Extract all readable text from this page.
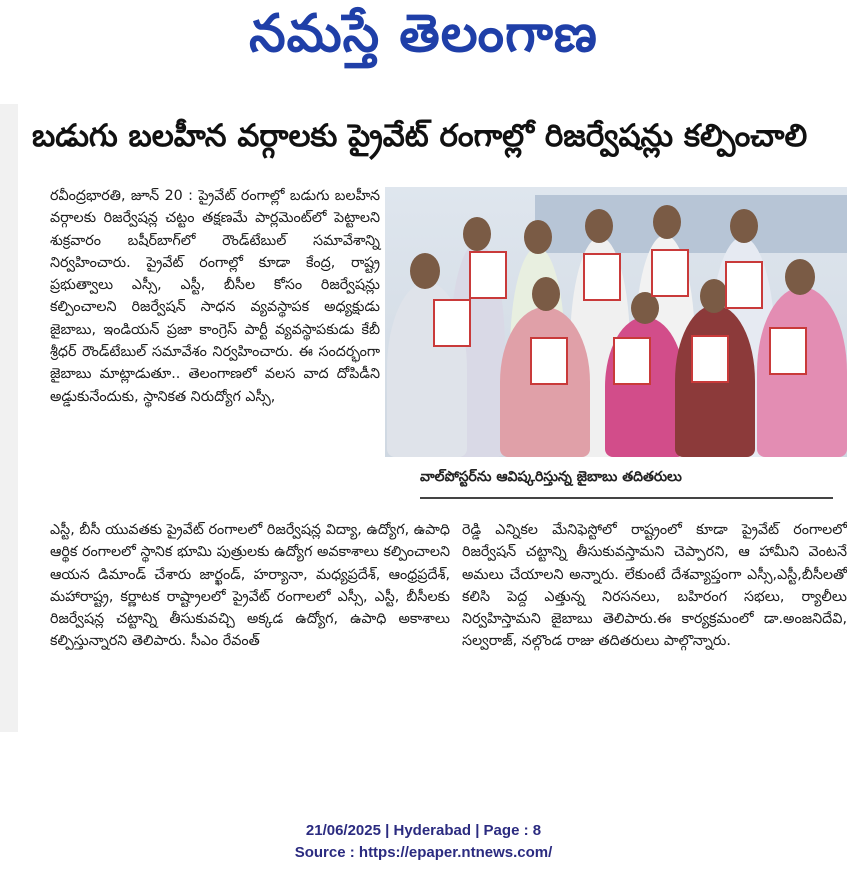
నమస్తే తెలంగాణ
బడుగు బలహీన వర్గాలకు ప్రైవేట్ రంగాల్లో రిజర్వేషన్లు కల్పించాలి

రవీంద్రభారతి, జూన్ 20 : ప్రైవేట్ రంగాల్లో బడుగు బలహీన వర్గాలకు రిజర్వేషన్ల చట్టం తక్షణమే పార్లమెంట్‌లో పెట్టాలని శుక్రవారం బషీర్‌బాగ్‌లో రౌండ్‌టేబుల్ సమావేశాన్ని నిర్వహించారు. ప్రైవేట్ రంగాల్లో కూడా కేంద్ర, రాష్ట్ర ప్రభుత్వాలు ఎస్సీ, ఎస్టీ, బీసీల కోసం రిజర్వేషన్లు కల్పించాలని రిజర్వేషన్ సాధన వ్యవస్థాపక అధ్యక్షుడు జైబాబు, ఇండియన్ ప్రజా కాంగ్రెస్ పార్టీ వ్యవస్థాపకుడు కేబీ శ్రీధర్ రౌండ్‌టేబుల్ సమావేశం నిర్వహించారు. ఈ సందర్భంగా జైబాబు మాట్లాడుతూ.. తెలంగాణలో వలస వాద దోపిడీని అడ్డుకునేందుకు, స్థానికత నిరుద్యోగ ఎస్సీ,

వాల్‌పోస్టర్‌ను ఆవిష్కరిస్తున్న జైబాబు తదితరులు

ఎస్టీ, బీసీ యువతకు ప్రైవేట్ రంగాలలో రిజర్వేషన్ల విద్యా, ఉద్యోగ, ఉపాధి ఆర్థిక రంగాలలో స్థానిక భూమి పుత్రులకు ఉద్యోగ అవకాశాలు కల్పించాలని ఆయన డిమాండ్ చేశారు జార్ఖండ్, హర్యానా, మధ్యప్రదేశ్, ఆంధ్రప్రదేశ్, మహారాష్ట్ర, కర్ణాటక రాష్ట్రాలలో ప్రైవేట్ రంగాలలో ఎస్సీ, ఎస్టీ, బీసీలకు రిజర్వేషన్ల చట్టాన్ని తీసుకువచ్చి అక్కడ ఉద్యోగ, ఉపాధి అకాశాలు కల్పిస్తున్నారని తెలిపారు. సీఎం రేవంత్

రెడ్డి ఎన్నికల మేనిఫెస్టోలో రాష్ట్రంలో కూడా ప్రైవేట్ రంగాలలో రిజర్వేషన్ చట్టాన్ని తీసుకువస్తామని చెప్పారని, ఆ హామీని వెంటనే అమలు చేయాలని అన్నారు. లేకుంటే దేశవ్యాప్తంగా ఎస్సీ,ఎస్టీ,బీసీలతో కలిసి పెద్ద ఎత్తున్న నిరసనలు, బహిరంగ సభలు, ర్యాలీలు నిర్వహిస్తామని జైబాబు తెలిపారు.ఈ కార్యక్రమంలో డా.అంజనిదేవి, సల్వరాజ్, నల్గొండ రాజు తదితరులు పాల్గొన్నారు.

21/06/2025 | Hyderabad | Page : 8
Source : https://epaper.ntnews.com/
